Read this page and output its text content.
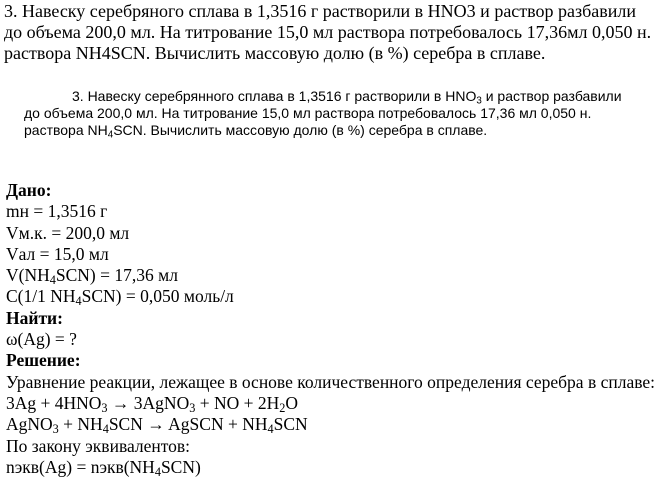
3. Навеску серебряного сплава в 1,3516 г растворили в HNO3 и раствор разбавили до объема 200,0 мл. На титрование 15,0 мл раствора потребовалось 17,36мл 0,050 н. раствора NH4SCN. Вычислить массовую долю (в %) серебра в сплаве.

3. Навеску серебрянного сплава в 1,3516 г растворили в $HNO_3$ и раствор разбавили до объема 200,0 мл. На титрование 15,0 мл раствора потребовалось 17,36 мл 0,050 н. раствора $NH_4SCN$. Вычислить массовую долю (в %) серебра в сплаве.

Дано:

mн = 1,3516 г

Vм.к. = 200,0 мл

Vал = 15,0 мл

$V(NH_4SCN) = 17,36$ мл

C(1/1 $NH_4SCN) = 0,050$ моль/л

Найти:

ω(Ag) = ?

Решение:

Уравнение реакции, лежащее в основе количественного определения серебра в сплаве:

$3Ag + 4HNO_3$ → 3AgNO$_3$ + NO + $2H_2O$

AgNO$_3$ + $NH_4SCN$ → AgSCN + $NH_4SCN$

По закону эквивалентов:

nэкв(Ag) = $nэкв(NH_4SCN)$
